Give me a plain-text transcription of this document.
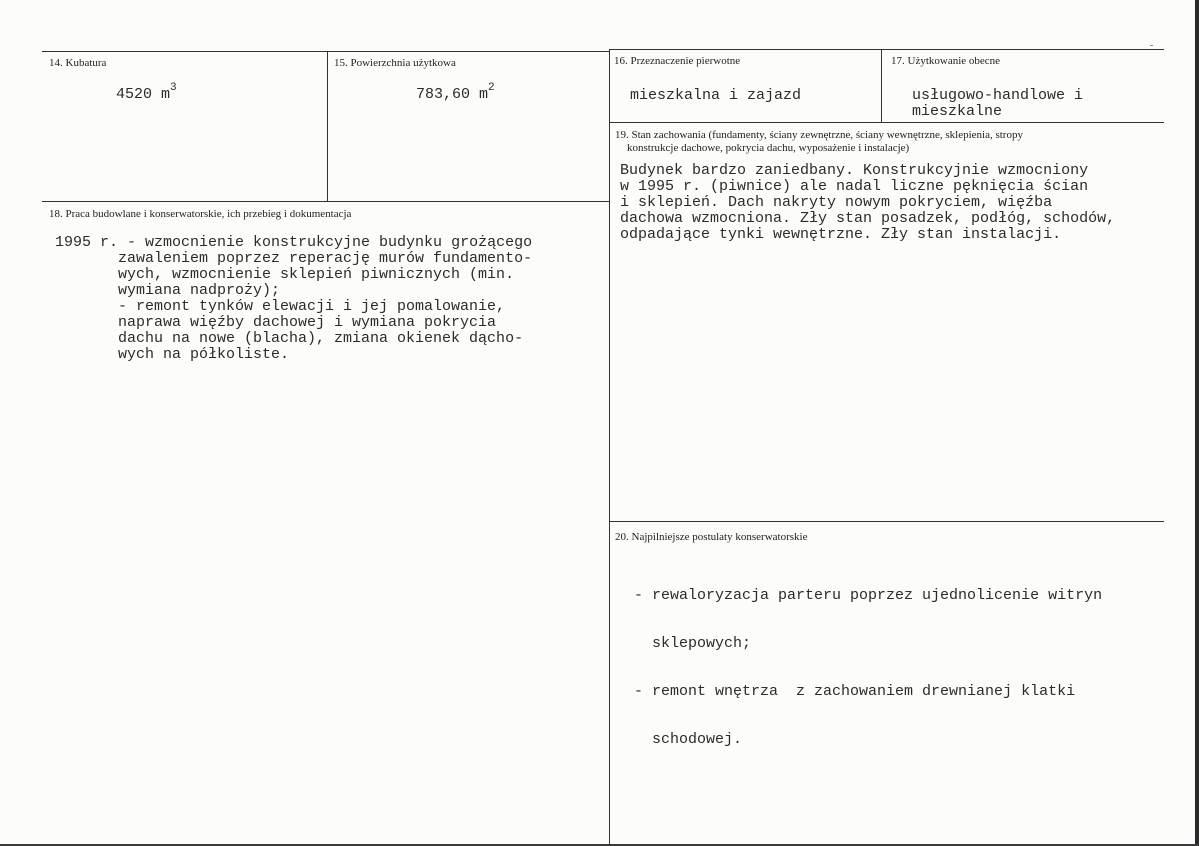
14. Kubatura
4520 $m^3$
15. Powierzchnia użytkowa
783,60 $m^2$
16. Przeznaczenie pierwotne
mieszkalna i zajazd
17. Użytkowanie obecne
usługowo-handlowe i
mieszkalne
19. Stan zachowania (fundamenty, ściany zewnętrzne, ściany wewnętrzne, sklepienia, stropy
konstrukcje dachowe, pokrycia dachu, wyposażenie i instalacje)
Budynek bardzo zaniedbany. Konstrukcyjnie wzmocniony
w 1995 r. (piwnice) ale nadal liczne pęknięcia ścian
i sklepień. Dach nakryty nowym pokryciem, więźba
dachowa wzmocniona. Zły stan posadzek, podłóg, schodów,
odpadające tynki wewnętrzne. Zły stan instalacji.
18. Praca budowlane i konserwatorskie, ich przebieg i dokumentacja
1995 r. - wzmocnienie konstrukcyjne budynku grożącego
zawaleniem poprzez reperację murów fundamento-
wych, wzmocnienie sklepień piwnicznych (min.
wymiana nadproży);
- remont tynków elewacji i jej pomalowanie,
naprawa więźby dachowej i wymiana pokrycia
dachu na nowe (blacha), zmiana okienek dącho-
wych na półkoliste.
20. Najpilniejsze postulaty konserwatorskie

- rewaloryzacja parteru poprzez ujednolicenie witryn

sklepowych;

- remont wnętrza  z zachowaniem drewnianej klatki

schodowej.
